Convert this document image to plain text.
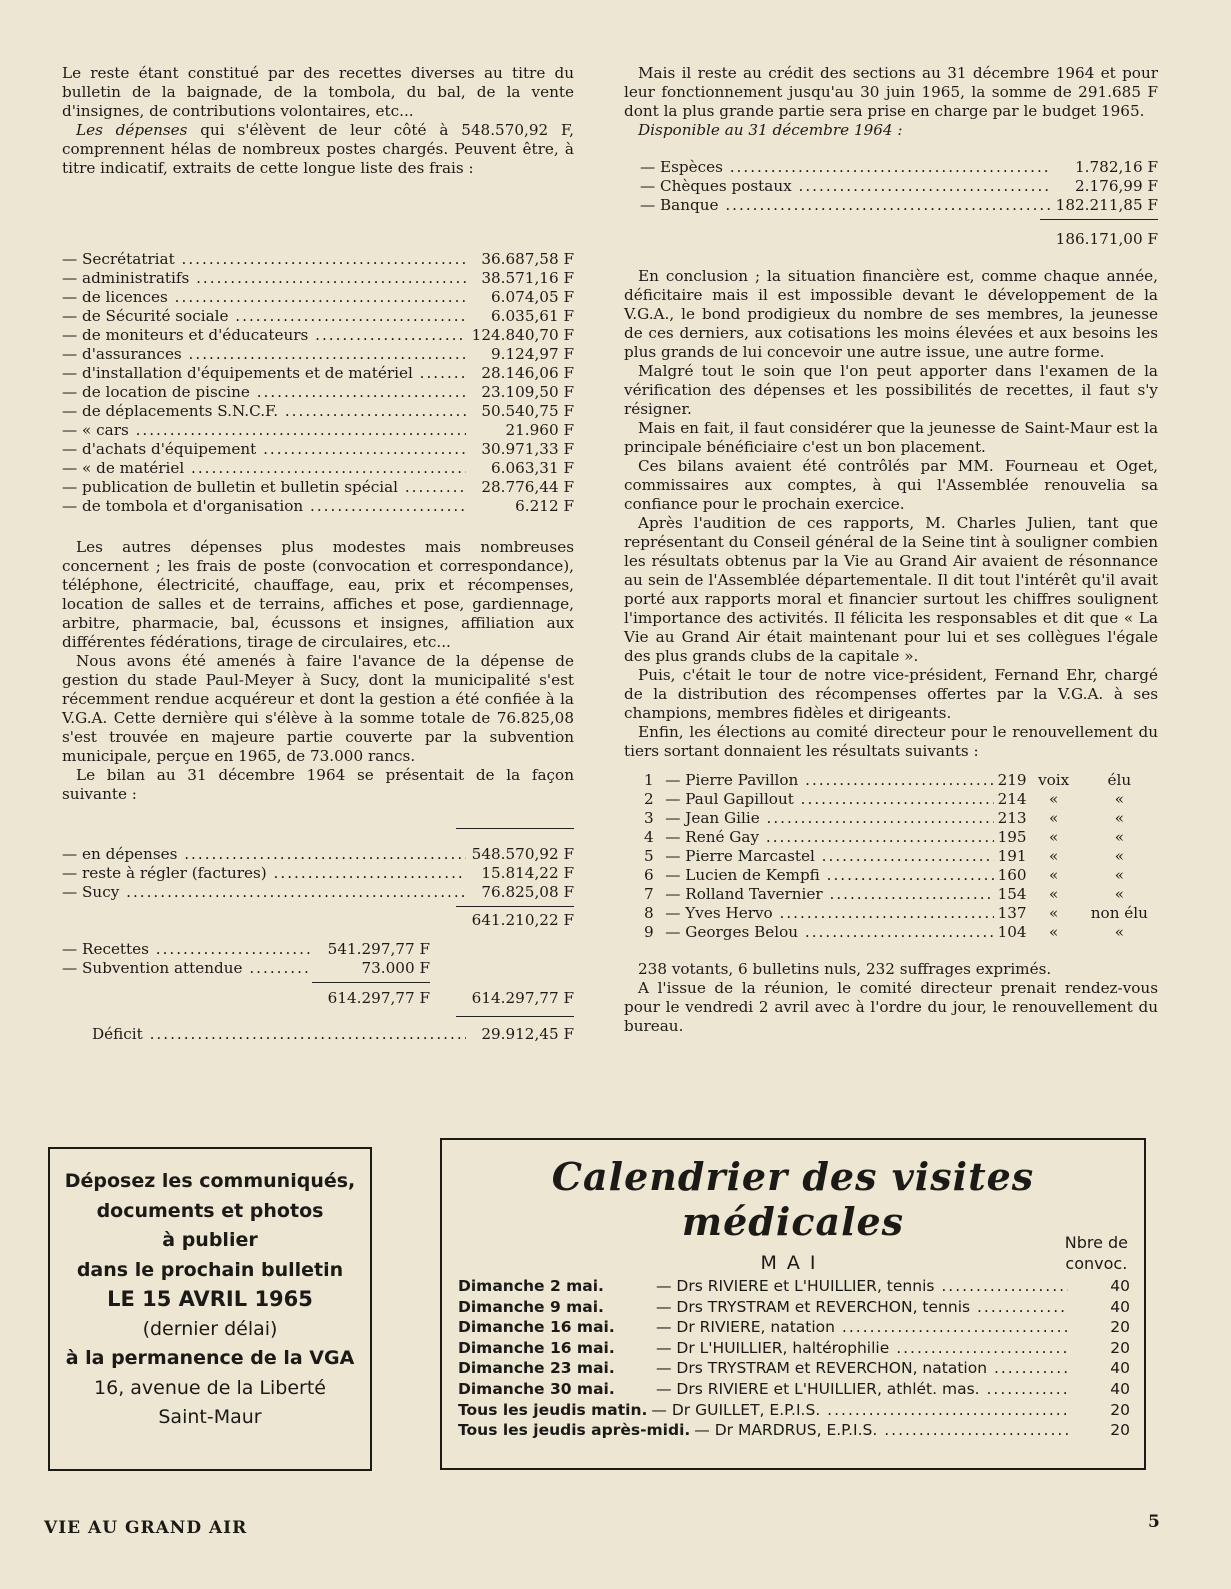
Le reste étant constitué par des recettes diverses au titre du bulletin de la baignade, de la tombola, du bal, de la vente d'insignes, de contributions volontaires, etc...

Les dépenses qui s'élèvent de leur côté à 548.570,92 F, comprennent hélas de nombreux postes chargés. Peuvent être, à titre indicatif, extraits de cette longue liste des frais :

— Secrétatriat .....	36.687,58 F
— administratifs .....	38.571,16 F
— de licences .....	6.074,05 F
— de Sécurité sociale .....	6.035,61 F
— de moniteurs et d'éducateurs .....	124.840,70 F
— d'assurances .....	9.124,97 F
— d'installation d'équipements et de matériel .....	28.146,06 F
— de location de piscine .....	23.109,50 F
— de déplacements S.N.C.F. .....	50.540,75 F
— « cars .....	21.960 F
— d'achats d'équipement .....	30.971,33 F
— « de matériel .....	6.063,31 F
— publication de bulletin et bulletin spécial .....	28.776,44 F
— de tombola et d'organisation .....	6.212 F

Les autres dépenses plus modestes mais nombreuses concernent ; les frais de poste (convocation et correspondance), téléphone, électricité, chauffage, eau, prix et récompenses, location de salles et de terrains, affiches et pose, gardiennage, arbitre, pharmacie, bal, écussons et insignes, affiliation aux différentes fédérations, tirage de circulaires, etc...

Nous avons été amenés à faire l'avance de la dépense de gestion du stade Paul-Meyer à Sucy, dont la municipalité s'est récemment rendue acquéreur et dont la gestion a été confiée à la V.G.A. Cette dernière qui s'élève à la somme totale de 76.825,08 s'est trouvée en majeure partie couverte par la subvention municipale, perçue en 1965, de 73.000 rancs.

Le bilan au 31 décembre 1964 se présentait de la façon suivante :

— en dépenses .....	548.570,92 F
— reste à régler (factures) .....	15.814,22 F
— Sucy .....	76.825,08 F
641.210,22 F
— Recettes .....	541.297,77 F
— Subvention attendue .....	73.000 F
614.297,77 F	614.297,77 F
Déficit .....	29.912,45 F

Mais il reste au crédit des sections au 31 décembre 1964 et pour leur fonctionnement jusqu'au 30 juin 1965, la somme de 291.685 F dont la plus grande partie sera prise en charge par le budget 1965.

Disponible au 31 décembre 1964 :

— Espèces .....	1.782,16 F
— Chèques postaux .....	2.176,99 F
— Banque .....	182.211,85 F
186.171,00 F

En conclusion ; la situation financière est, comme chaque année, déficitaire mais il est impossible devant le développement de la V.G.A., le bond prodigieux du nombre de ses membres, la jeunesse de ces derniers, aux cotisations les moins élevées et aux besoins les plus grands de lui concevoir une autre issue, une autre forme.

Malgré tout le soin que l'on peut apporter dans l'examen de la vérification des dépenses et les possibilités de recettes, il faut s'y résigner.

Mais en fait, il faut considérer que la jeunesse de Saint-Maur est la principale bénéficiaire c'est un bon placement.

Ces bilans avaient été contrôlés par MM. Fourneau et Oget, commissaires aux comptes, à qui l'Assemblée renouvelia sa confiance pour le prochain exercice.

Après l'audition de ces rapports, M. Charles Julien, tant que représentant du Conseil général de la Seine tint à souligner combien les résultats obtenus par la Vie au Grand Air avaient de résonnance au sein de l'Assemblée départementale. Il dit tout l'intérêt qu'il avait porté aux rapports moral et financier surtout les chiffres soulignent l'importance des activités. Il félicita les responsables et dit que « La Vie au Grand Air était maintenant pour lui et ses collègues l'égale des plus grands clubs de la capitale ».

Puis, c'était le tour de notre vice-président, Fernand Ehr, chargé de la distribution des récompenses offertes par la V.G.A. à ses champions, membres fidèles et dirigeants.

Enfin, les élections au comité directeur pour le renouvellement du tiers sortant donnaient les résultats suivants :

1 — Pierre Pavillon .....	219 voix	élu
2 — Paul Gapillout .....	214	«	«
3 — Jean Gilie .....	213	«	«
4 — René Gay .....	195	«	«
5 — Pierre Marcastel .....	191	«	«
6 — Lucien de Kempfi .....	160	«	«
7 — Rolland Tavernier .....	154	«	«
8 — Yves Hervo .....	137	«	non élu
9 — Georges Belou .....	104	«	«

238 votants, 6 bulletins nuls, 232 suffrages exprimés.

A l'issue de la réunion, le comité directeur prenait rendez-vous pour le vendredi 2 avril avec à l'ordre du jour, le renouvellement du bureau.

Déposez les communiqués,
documents et photos
à publier
dans le prochain bulletin
LE 15 AVRIL 1965
(dernier délai)
à la permanence de la VGA
16, avenue de la Liberté
Saint-Maur
Calendrier des visites médicales
MAI
Nbre de
convoc.
Dimanche 2 mai.	— Drs RIVIERE et L'HUILLIER, tennis .....	40
Dimanche 9 mai.	— Drs TRYSTRAM et REVERCHON, tennis .....	40
Dimanche 16 mai.	— Dr RIVIERE, natation .....	20
Dimanche 16 mai.	— Dr L'HUILLIER, haltérophilie .....	20
Dimanche 23 mai.	— Drs TRYSTRAM et REVERCHON, natation .....	40
Dimanche 30 mai.	— Drs RIVIERE et L'HUILLIER, athlét. mas. .....	40
Tous les jeudis matin. — Dr GUILLET, E.P.I.S. .....	20
Tous les jeudis après-midi. — Dr MARDRUS, E.P.I.S. .....	20
VIE AU GRAND AIR	5
